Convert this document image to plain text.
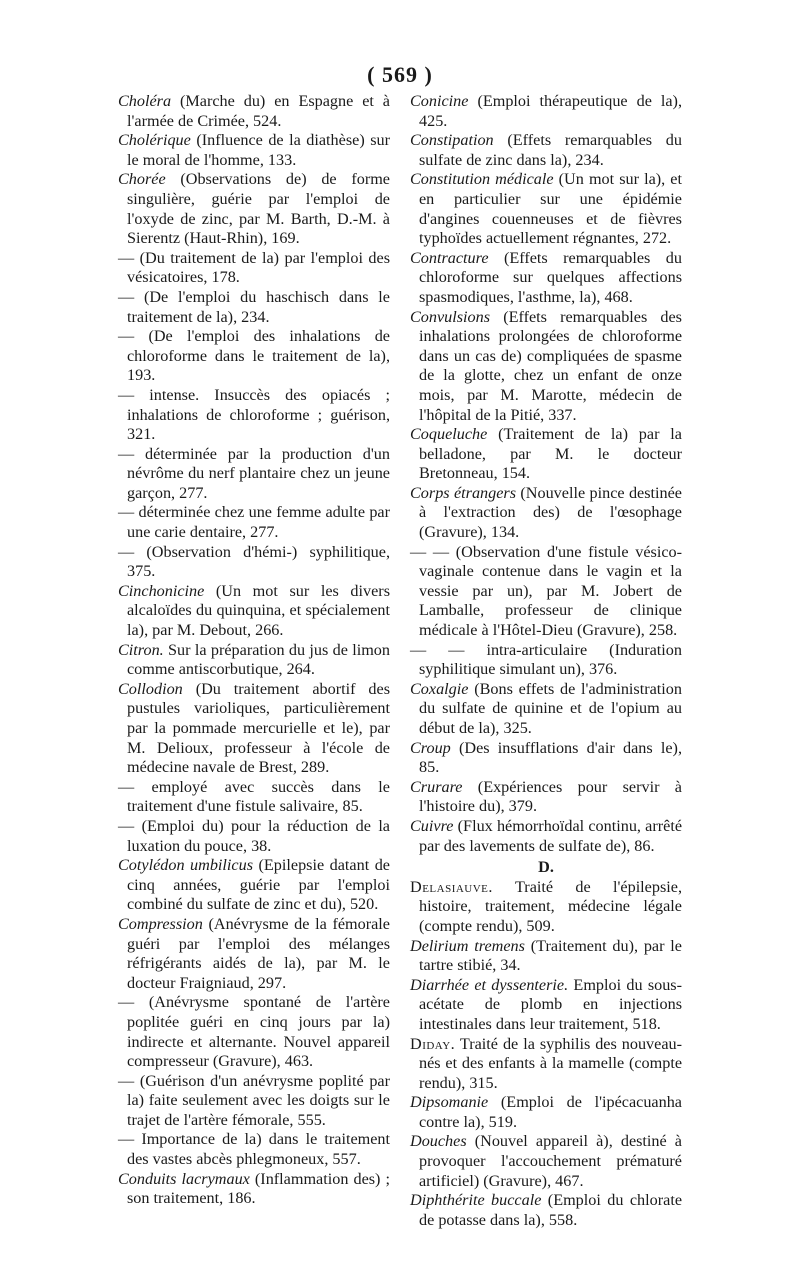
( 569 )

Choléra (Marche du) en Espagne et à l'armée de Crimée, 524.

Cholérique (Influence de la diathèse) sur le moral de l'homme, 133.

Chorée (Observations de) de forme singulière, guérie par l'emploi de l'oxyde de zinc, par M. Barth, D.-M. à Sierentz (Haut-Rhin), 169.

— (Du traitement de la) par l'emploi des vésicatoires, 178.

— (De l'emploi du haschisch dans le traitement de la), 234.

— (De l'emploi des inhalations de chloroforme dans le traitement de la), 193.

— intense. Insuccès des opiacés ; inhalations de chloroforme ; guérison, 321.

— déterminée par la production d'un névrôme du nerf plantaire chez un jeune garçon, 277.

— déterminée chez une femme adulte par une carie dentaire, 277.

— (Observation d'hémi-) syphilitique, 375.

Cinchonicine (Un mot sur les divers alcaloïdes du quinquina, et spécialement la), par M. Debout, 266.

Citron. Sur la préparation du jus de limon comme antiscorbutique, 264.

Collodion (Du traitement abortif des pustules varioliques, particulièrement par la pommade mercurielle et le), par M. Delioux, professeur à l'école de médecine navale de Brest, 289.

— employé avec succès dans le traitement d'une fistule salivaire, 85.

— (Emploi du) pour la réduction de la luxation du pouce, 38.

Cotylédon umbilicus (Epilepsie datant de cinq années, guérie par l'emploi combiné du sulfate de zinc et du), 520.

Compression (Anévrysme de la fémorale guéri par l'emploi des mélanges réfrigérants aidés de la), par M. le docteur Fraigniaud, 297.

— (Anévrysme spontané de l'artère poplitée guéri en cinq jours par la) indirecte et alternante. Nouvel appareil compresseur (Gravure), 463.

— (Guérison d'un anévrysme poplité par la) faite seulement avec les doigts sur le trajet de l'artère fémorale, 555.

— Importance de la) dans le traitement des vastes abcès phlegmoneux, 557.

Conduits lacrymaux (Inflammation des) ; son traitement, 186.

Conicine (Emploi thérapeutique de la), 425.

Constipation (Effets remarquables du sulfate de zinc dans la), 234.

Constitution médicale (Un mot sur la), et en particulier sur une épidémie d'angines couenneuses et de fièvres typhoïdes actuellement régnantes, 272.

Contracture (Effets remarquables du chloroforme sur quelques affections spasmodiques, l'asthme, la), 468.

Convulsions (Effets remarquables des inhalations prolongées de chloroforme dans un cas de) compliquées de spasme de la glotte, chez un enfant de onze mois, par M. Marotte, médecin de l'hôpital de la Pitié, 337.

Coqueluche (Traitement de la) par la belladone, par M. le docteur Bretonneau, 154.

Corps étrangers (Nouvelle pince destinée à l'extraction des) de l'œsophage (Gravure), 134.

— — (Observation d'une fistule vésico-vaginale contenue dans le vagin et la vessie par un), par M. Jobert de Lamballe, professeur de clinique médicale à l'Hôtel-Dieu (Gravure), 258.

— — intra-articulaire (Induration syphilitique simulant un), 376.

Coxalgie (Bons effets de l'administration du sulfate de quinine et de l'opium au début de la), 325.

Croup (Des insufflations d'air dans le), 85.

Crurare (Expériences pour servir à l'histoire du), 379.

Cuivre (Flux hémorrhoïdal continu, arrêté par des lavements de sulfate de), 86.

D.

Delasiauve. Traité de l'épilepsie, histoire, traitement, médecine légale (compte rendu), 509.

Delirium tremens (Traitement du), par le tartre stibié, 34.

Diarrhée et dyssenterie. Emploi du sous-acétate de plomb en injections intestinales dans leur traitement, 518.

Diday. Traité de la syphilis des nouveau-nés et des enfants à la mamelle (compte rendu), 315.

Dipsomanie (Emploi de l'ipécacuanha contre la), 519.

Douches (Nouvel appareil à), destiné à provoquer l'accouchement prématuré artificiel) (Gravure), 467.

Diphthérite buccale (Emploi du chlorate de potasse dans la), 558.
